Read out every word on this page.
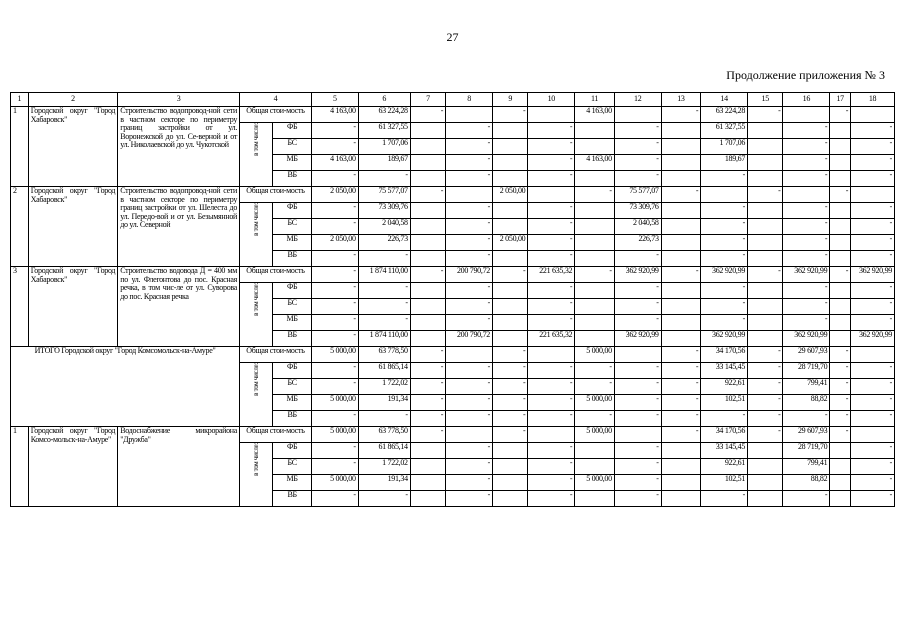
27
Продолжение приложения № 3
1	2	3	4		5	6	7	8	9	10	11	12	13	14	15	16	17	18
1	Городской округ "Город Хабаровск"	Строительство водопровод-ной сети в частном секторе по периметру границ застройки от ул. Воронежской до ул. Се-верной и от ул. Николаевской до ул. Чукотской	Общая стои-мость		4 163,00	63 224,28	-		-		4 163,00		-	63 224,28	-		-	

			в том числе:	ФБ	-	61 327,55		-		-		-		61 327,55		-		-
				БС	-	1 707,06		-		-		-		1 707,06		-		-
				МБ	4 163,00	189,67		-		-	4 163,00	-		189,67		-		-
				ВБ	-	-		-		-		-		-		-		-
2	Городской округ "Город Хабаровск"	Строительство водопровод-ной сети в частном секторе по периметру границ застройки от ул. Шелеста до ул. Передо-вой и от ул. Безымянной до ул. Северной	Общая стои-мость		2 050,00	75 577,07	-		2 050,00		-	75 577,07	-		-		-	

			в том числе:	ФБ	-	73 309,76		-		-		73 309,76		-		-		-
				БС	-	2 040,58		-		-		2 040,58		-		-		-
				МБ	2 050,00	226,73		-	2 050,00	-		226,73		-		-		-
				ВБ	-	-		-		-		-		-		-		-
3	Городской округ "Город Хабаровск"	Строительство водовода Д = 400 мм по ул. Флегонтова до пос. Красная речка, в том чис-ле от ул. Суворова до пос. Красная речка	Общая стои-мость		-	1 874 110,00	-	200 790,72	-	221 635,32	-	362 920,99	-	362 920,99	-	362 920,99	-	362 920,99

			в том числе:	ФБ	-	-		-		-		-		-		-		-
				БС	-	-		-		-		-		-		-		-
				МБ	-	-		-		-		-		-		-		-
				ВБ	-	1 874 110,00		200 790,72		221 635,32		362 920,99		362 920,99		362 920,99		362 920,99
ИТОГО Городской округ "Город Комсомольск-на-Амуре"			Общая стои-мость		5 000,00	63 778,50	-		-		5 000,00		-	34 170,56	-	29 607,93	-	

			в том числе:	ФБ	-	61 865,14	-	-	-	-	-	-	-	33 145,45	-	28 719,70	-	-
				БС	-	1 722,02	-	-	-	-	-	-	-	922,61	-	799,41	-	-
				МБ	5 000,00	191,34	-	-	-	-	5 000,00	-	-	102,51	-	88,82	-	-
				ВБ	-	-	-	-	-	-	-	-	-	-	-	-	-	-
1	Городской округ "Город Комсо-мольск-на-Амуре"	Водоснабжение микрорайона "Дружба"	Общая стои-мость		5 000,00	63 778,50	-		-		5 000,00		-	34 170,56	-	29 607,93	-	

			в том числе:	ФБ	-	61 865,14		-		-		-		33 145,45		28 719,70		-
				БС	-	1 722,02		-		-		-		922,61		799,41		-
				МБ	5 000,00	191,34		-		-	5 000,00	-		102,51		88,82		-
				ВБ	-	-		-		-		-		-		-		-
